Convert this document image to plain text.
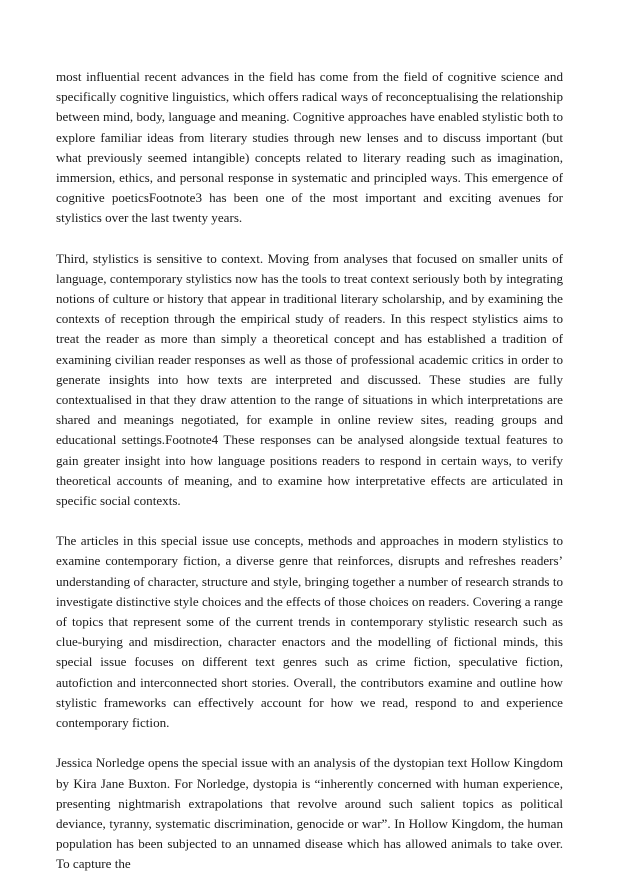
most influential recent advances in the field has come from the field of cognitive science and specifically cognitive linguistics, which offers radical ways of reconceptualising the relationship between mind, body, language and meaning. Cognitive approaches have enabled stylistic both to explore familiar ideas from literary studies through new lenses and to discuss important (but what previously seemed intangible) concepts related to literary reading such as imagination, immersion, ethics, and personal response in systematic and principled ways. This emergence of cognitive poeticsFootnote3 has been one of the most important and exciting avenues for stylistics over the last twenty years.

Third, stylistics is sensitive to context. Moving from analyses that focused on smaller units of language, contemporary stylistics now has the tools to treat context seriously both by integrating notions of culture or history that appear in traditional literary scholarship, and by examining the contexts of reception through the empirical study of readers. In this respect stylistics aims to treat the reader as more than simply a theoretical concept and has established a tradition of examining civilian reader responses as well as those of professional academic critics in order to generate insights into how texts are interpreted and discussed. These studies are fully contextualised in that they draw attention to the range of situations in which interpretations are shared and meanings negotiated, for example in online review sites, reading groups and educational settings.Footnote4 These responses can be analysed alongside textual features to gain greater insight into how language positions readers to respond in certain ways, to verify theoretical accounts of meaning, and to examine how interpretative effects are articulated in specific social contexts.

The articles in this special issue use concepts, methods and approaches in modern stylistics to examine contemporary fiction, a diverse genre that reinforces, disrupts and refreshes readers’ understanding of character, structure and style, bringing together a number of research strands to investigate distinctive style choices and the effects of those choices on readers. Covering a range of topics that represent some of the current trends in contemporary stylistic research such as clue-burying and misdirection, character enactors and the modelling of fictional minds, this special issue focuses on different text genres such as crime fiction, speculative fiction, autofiction and interconnected short stories. Overall, the contributors examine and outline how stylistic frameworks can effectively account for how we read, respond to and experience contemporary fiction.

Jessica Norledge opens the special issue with an analysis of the dystopian text Hollow Kingdom by Kira Jane Buxton. For Norledge, dystopia is “inherently concerned with human experience, presenting nightmarish extrapolations that revolve around such salient topics as political deviance, tyranny, systematic discrimination, genocide or war”. In Hollow Kingdom, the human population has been subjected to an unnamed disease which has allowed animals to take over. To capture the
